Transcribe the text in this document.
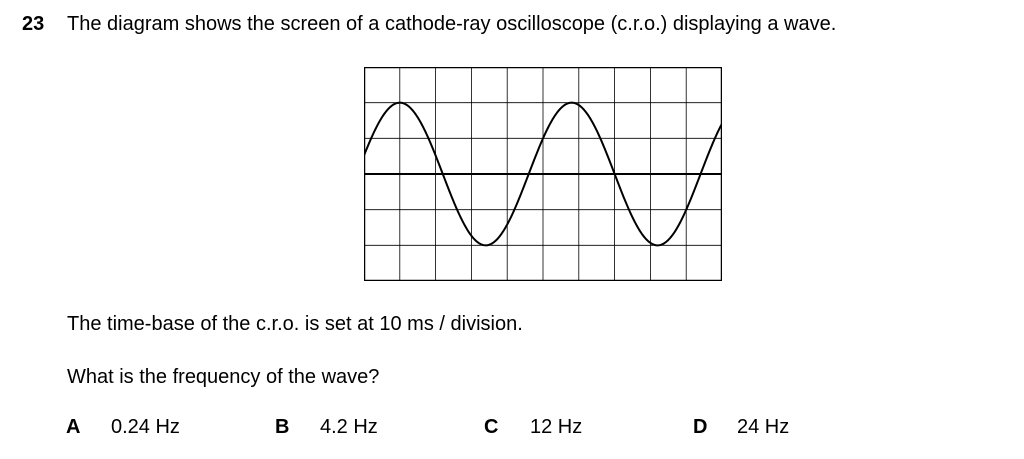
23 The diagram shows the screen of a cathode-ray oscilloscope (c.r.o.) displaying a wave.
The time-base of the c.r.o. is set at 10 ms / division.
What is the frequency of the wave?
A 0.24 Hz	B 4.2 Hz	C 12 Hz	D 24 Hz
